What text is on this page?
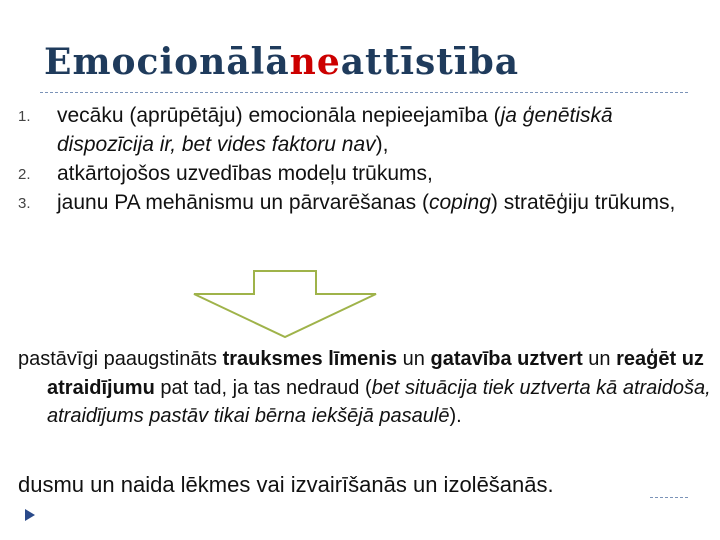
Emocionālāneattīstība
1.	vecāku (aprūpētāju) emocionāla nepieejamība (ja ģenētiskā dispozīcija ir, bet vides faktoru nav),
2.	atkārtojošos uzvedības modeļu trūkums,
3.	jaunu PA mehānismu un pārvarēšanas (coping) stratēģiju trūkums,

pastāvīgi paaugstināts trauksmes līmenis un gatavība uztvert un reaģēt uz atraidījumu pat tad, ja tas nedraud (bet situācija tiek uztverta kā atraidoša, atraidījums pastāv tikai bērna iekšējā pasaulē).

dusmu un naida lēkmes vai izvairīšanās un izolēšanās.
